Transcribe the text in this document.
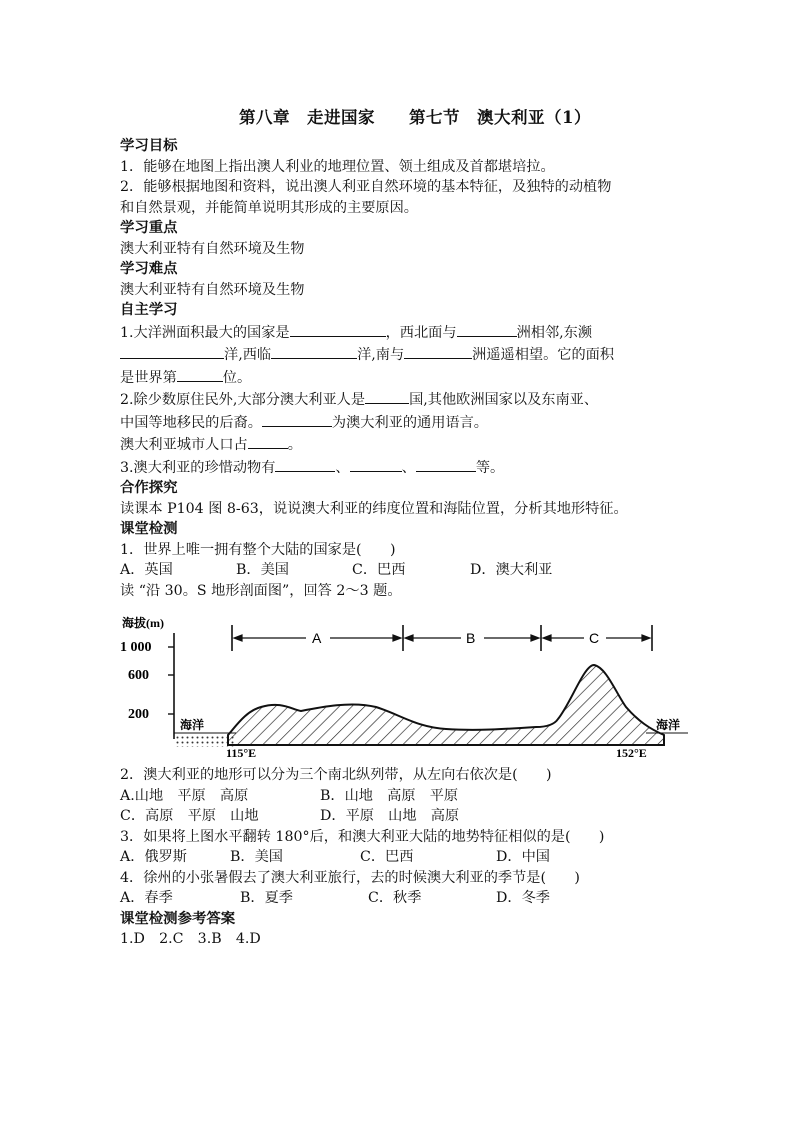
第八章　走进国家　　第七节　澳大利亚（1）
学习目标
1．能够在地图上指出澳人利业的地理位置、领土组成及首都堪培拉。
2．能够根据地图和资料，说出澳人利亚自然环境的基本特征，及独特的动植物
和自然景观，并能简单说明其形成的主要原因。
学习重点
澳大利亚特有自然环境及生物
学习难点
澳大利亚特有自然环境及生物
自主学习
1.大洋洲面积最大的国家是	，西北面与	洲相邻,东濒
洋,西临	洋,南与	洲遥遥相望。它的面积
是世界第	位。
2.除少数原住民外,大部分澳大利亚人是	国,其他欧洲国家以及东南亚、
中国等地移民的后裔。	为澳大利亚的通用语言。
澳大利亚城市人口占	。
3.澳大利亚的珍惜动物有	、	、	等。
合作探究
读课本 P104 图 8-63，说说澳大利亚的纬度位置和海陆位置，分析其地形特征。
课堂检测
1．世界上唯一拥有整个大陆的国家是(　　)
A．英国	B．美国	C．巴西	D．澳大利亚
读 “沿 30。S 地形剖面图”，回答 2～3 题。
海拔(m)
1 000
600
200
A	B	C
海洋	海洋
115°E	152°E
2．澳大利亚的地形可以分为三个南北纵列带，从左向右依次是(　　)
A.山地　平原　高原	B．山地　高原　平原
C．高原　平原　山地	D．平原　山地　高原
3．如果将上图水平翻转 180°后，和澳大利亚大陆的地势特征相似的是(　　)
A．俄罗斯	B．美国	C．巴西	D．中国
4．徐州的小张暑假去了澳大利亚旅行，去的时候澳大利亚的季节是(　　)
A．春季	B．夏季	C．秋季	D．冬季
课堂检测参考答案
1.D　2.C　3.B　4.D
